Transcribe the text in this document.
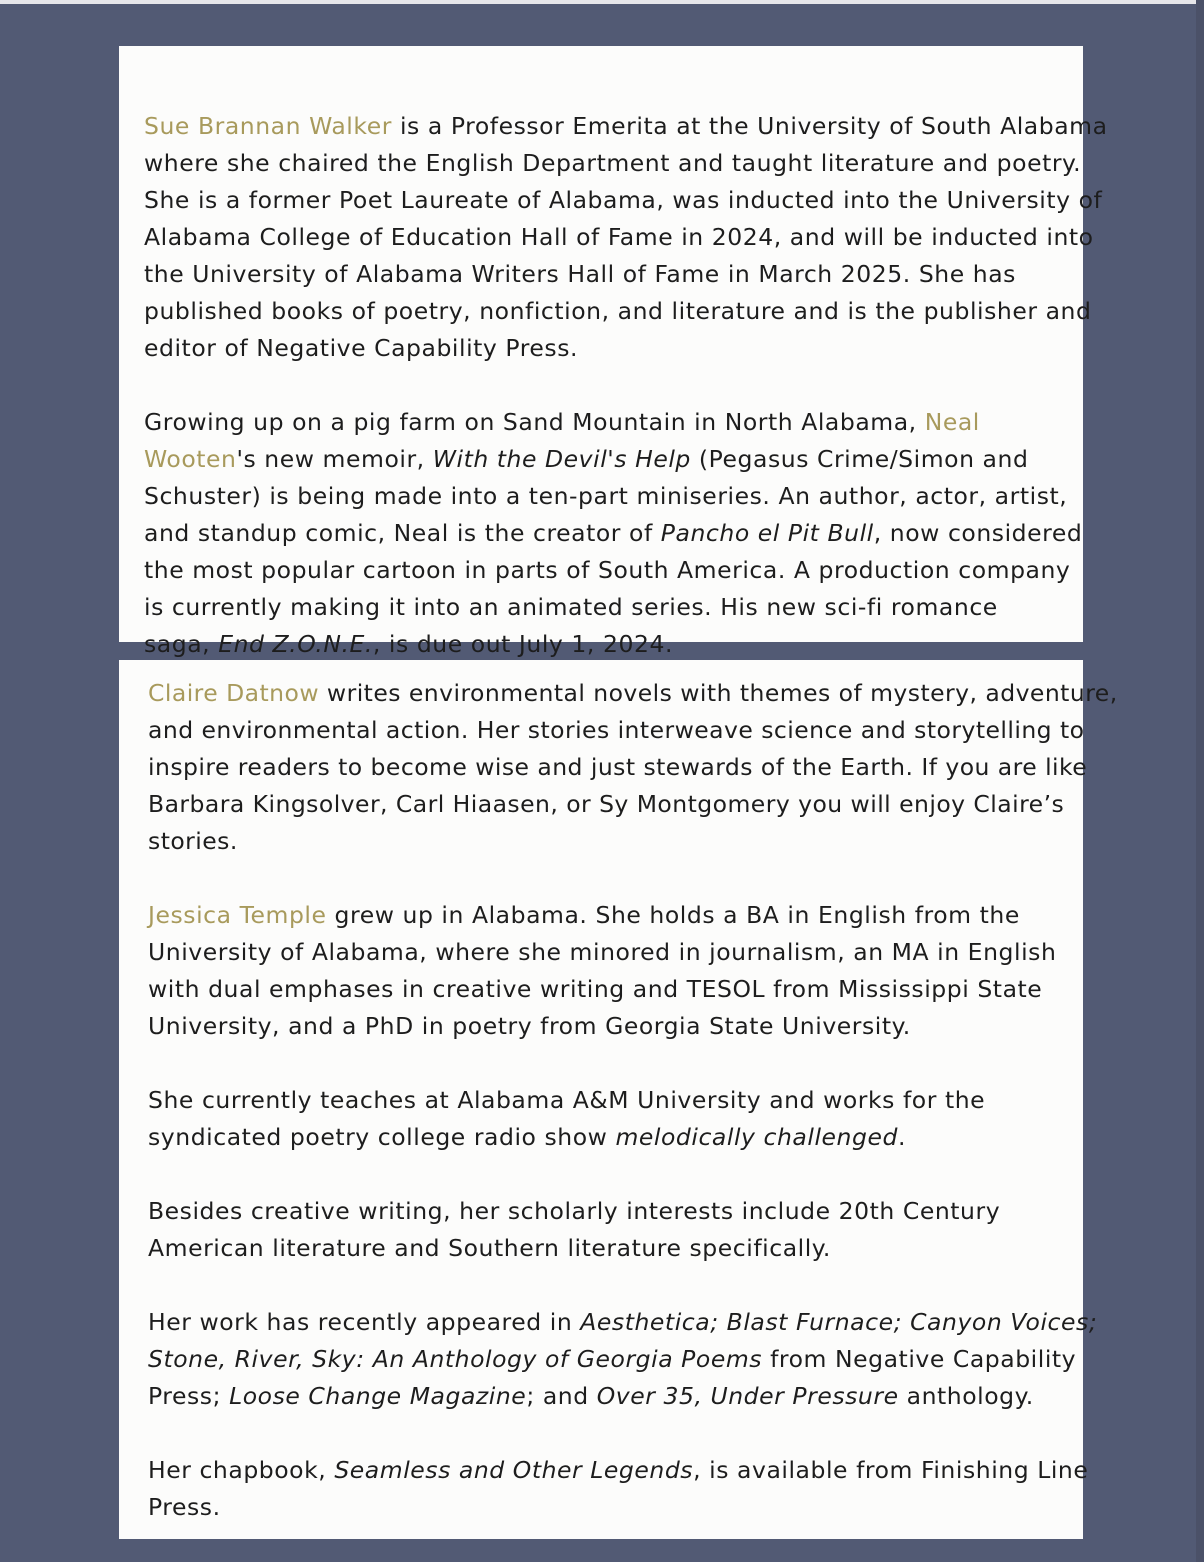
Sue Brannan Walker is a Professor Emerita at the University of South Alabama
where she chaired the English Department and taught literature and poetry.
She is a former Poet Laureate of Alabama, was inducted into the University of
Alabama College of Education Hall of Fame in 2024, and will be inducted into
the University of Alabama Writers Hall of Fame in March 2025. She has
published books of poetry, nonfiction, and literature and is the publisher and
editor of Negative Capability Press.
Growing up on a pig farm on Sand Mountain in North Alabama, Neal
Wooten's new memoir, With the Devil's Help (Pegasus Crime/Simon and
Schuster) is being made into a ten-part miniseries. An author, actor, artist,
and standup comic, Neal is the creator of Pancho el Pit Bull, now considered
the most popular cartoon in parts of South America. A production company
is currently making it into an animated series. His new sci-fi romance
saga, End Z.O.N.E., is due out July 1, 2024.
Claire Datnow writes environmental novels with themes of mystery, adventure,
and environmental action. Her stories interweave science and storytelling to
inspire readers to become wise and just stewards of the Earth. If you are like
Barbara Kingsolver, Carl Hiaasen, or Sy Montgomery you will enjoy Claire’s
stories.
Jessica Temple grew up in Alabama. She holds a BA in English from the
University of Alabama, where she minored in journalism, an MA in English
with dual emphases in creative writing and TESOL from Mississippi State
University, and a PhD in poetry from Georgia State University.
She currently teaches at Alabama A&M University and works for the
syndicated poetry college radio show melodically challenged.
Besides creative writing, her scholarly interests include 20th Century
American literature and Southern literature specifically.
Her work has recently appeared in Aesthetica; Blast Furnace; Canyon Voices;
Stone, River, Sky: An Anthology of Georgia Poems from Negative Capability
Press; Loose Change Magazine; and Over 35, Under Pressure anthology.
Her chapbook, Seamless and Other Legends, is available from Finishing Line
Press.
